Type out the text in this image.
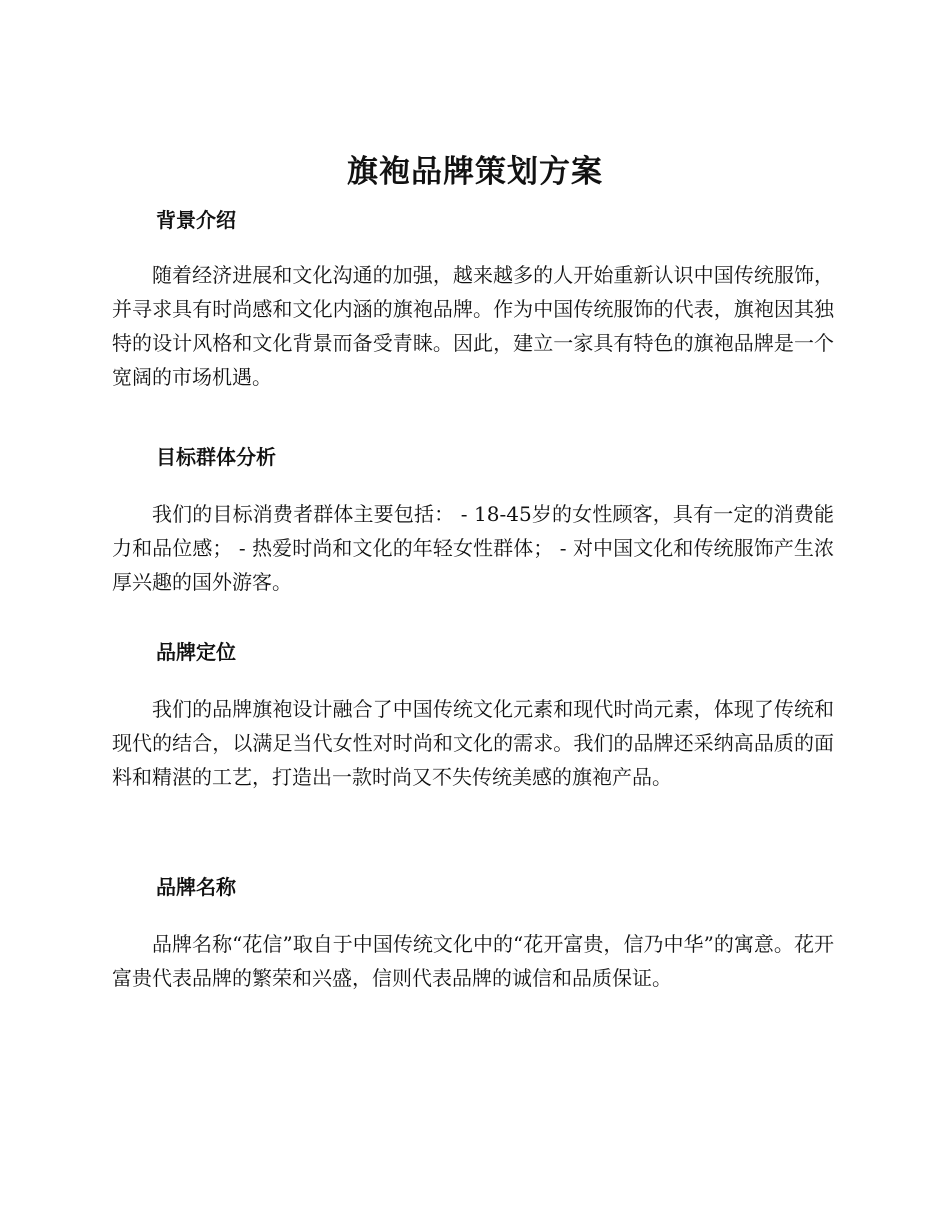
旗袍品牌策划方案
背景介绍

随着经济进展和文化沟通的加强，越来越多的人开始重新认识中国传统服饰，并寻求具有时尚感和文化内涵的旗袍品牌。作为中国传统服饰的代表，旗袍因其独特的设计风格和文化背景而备受青睐。因此，建立一家具有特色的旗袍品牌是一个宽阔的市场机遇。

目标群体分析

我们的目标消费者群体主要包括： - 18-45岁的女性顾客，具有一定的消费能力和品位感； - 热爱时尚和文化的年轻女性群体； - 对中国文化和传统服饰产生浓厚兴趣的国外游客。

品牌定位

我们的品牌旗袍设计融合了中国传统文化元素和现代时尚元素，体现了传统和现代的结合，以满足当代女性对时尚和文化的需求。我们的品牌还采纳高品质的面料和精湛的工艺，打造出一款时尚又不失传统美感的旗袍产品。

品牌名称

品牌名称“花信”取自于中国传统文化中的“花开富贵，信乃中华”的寓意。花开富贵代表品牌的繁荣和兴盛，信则代表品牌的诚信和品质保证。
